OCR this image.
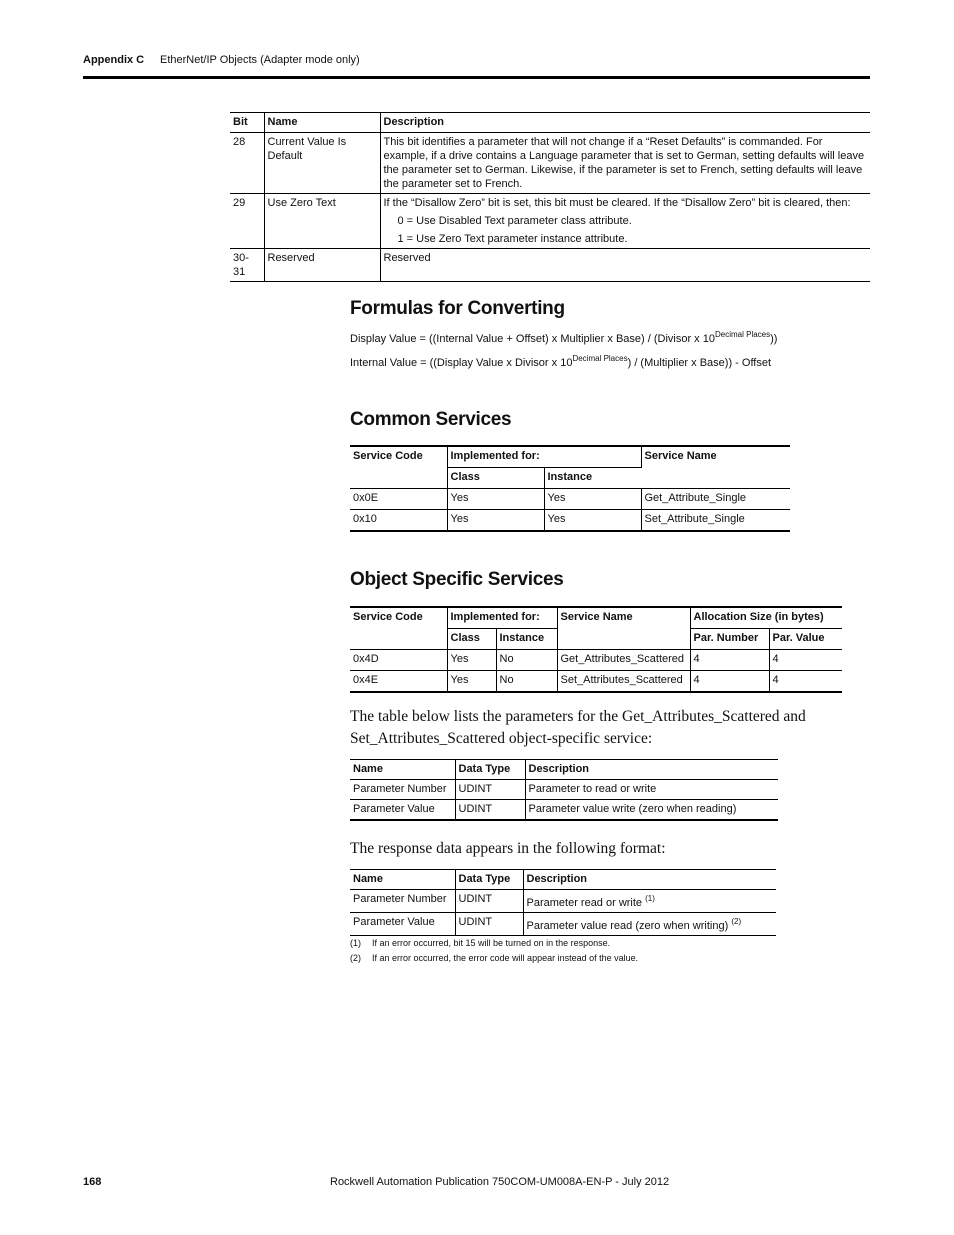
Appendix C EtherNet/IP Objects (Adapter mode only)
Bit	Name	Description
28	Current Value Is Default	This bit identifies a parameter that will not change if a “Reset Defaults” is commanded. For example, if a drive contains a Language parameter that is set to German, setting defaults will leave the parameter set to German. Likewise, if the parameter is set to French, setting defaults will leave the parameter set to French.
29	Use Zero Text	If the “Disallow Zero” bit is set, this bit must be cleared. If the “Disallow Zero” bit is cleared, then:
0 = Use Disabled Text parameter class attribute.
1 = Use Zero Text parameter instance attribute.

30-31	Reserved	Reserved
Formulas for Converting
Display Value = ((Internal Value + Offset) x Multiplier x Base) / (Divisor x $10^{Decimal Places}$))
Internal Value = ((Display Value x Divisor x $10^{Decimal Places}$) / (Multiplier x Base)) - Offset
Common Services
Service Code	Implemented for:		Service Name
	Class	Instance	
0x0E	Yes	Yes	Get_Attribute_Single
0x10	Yes	Yes	Set_Attribute_Single
Object Specific Services
Service Code	Implemented for:		Service Name	Allocation Size (in bytes)	
	Class	Instance		Par. Number	Par. Value
0x4D	Yes	No	Get_Attributes_Scattered	4	4
0x4E	Yes	No	Set_Attributes_Scattered	4	4

The table below lists the parameters for the Get_Attributes_Scattered and Set_Attributes_Scattered object-specific service:

Name	Data Type	Description
Parameter Number	UDINT	Parameter to read or write
Parameter Value	UDINT	Parameter value write (zero when reading)

The response data appears in the following format:

Name	Data Type	Description
Parameter Number	UDINT	Parameter read or write $^{(1)}$
Parameter Value	UDINT	Parameter value read (zero when writing) $^{(2)}$
(1) If an error occurred, bit 15 will be turned on in the response.
(2) If an error occurred, the error code will appear instead of the value.
168	Rockwell Automation Publication 750COM-UM008A-EN-P - July 2012
